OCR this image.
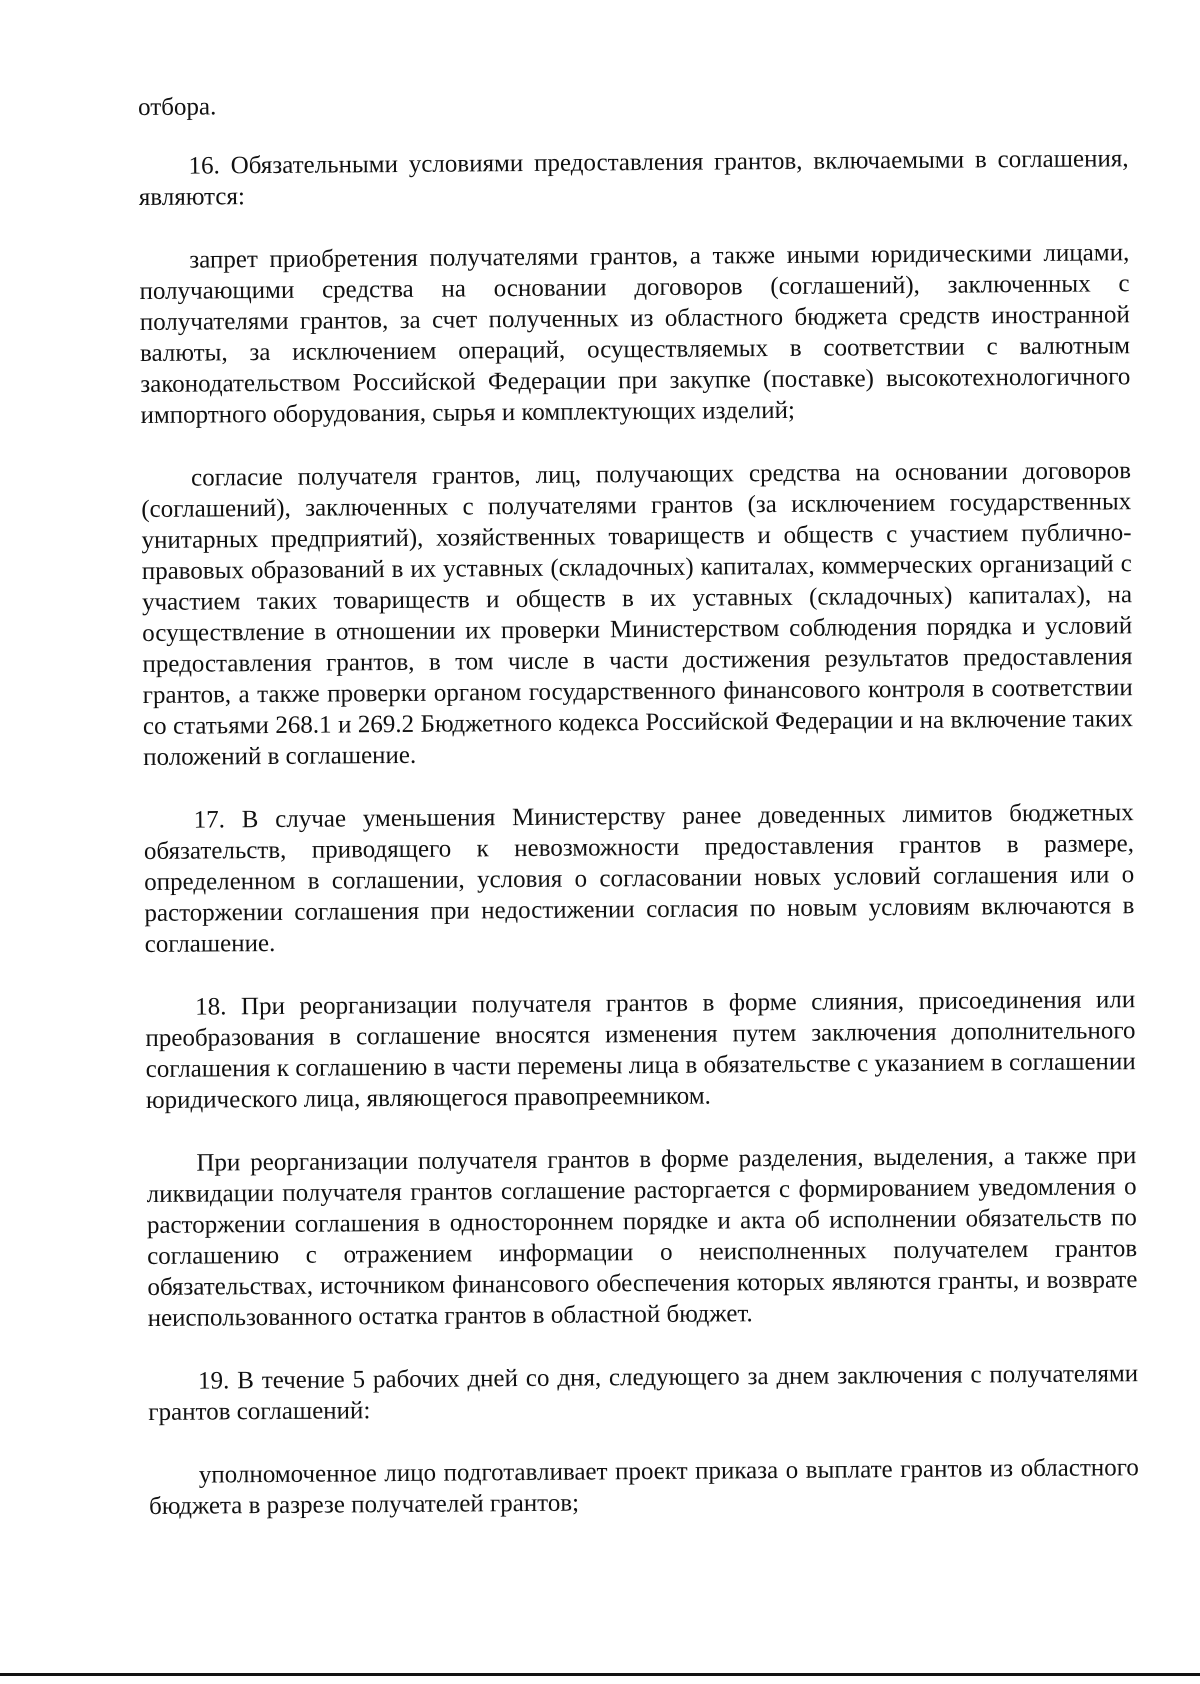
отбора.

16. Обязательными условиями предоставления грантов, включаемыми в соглашения, являются:

запрет приобретения получателями грантов, а также иными юридическими лицами, получающими средства на основании договоров (соглашений), заключенных с получателями грантов, за счет полученных из областного бюджета средств иностранной валюты, за исключением операций, осуществляемых в соответствии с валютным законодательством Российской Федерации при закупке (поставке) высокотехнологичного импортного оборудования, сырья и комплектующих изделий;

согласие получателя грантов, лиц, получающих средства на основании договоров (соглашений), заключенных с получателями грантов (за исключением государственных унитарных предприятий), хозяйственных товариществ и обществ с участием публично-правовых образований в их уставных (складочных) капиталах, коммерческих организаций с участием таких товариществ и обществ в их уставных (складочных) капиталах), на осуществление в отношении их проверки Министерством соблюдения порядка и условий предоставления грантов, в том числе в части достижения результатов предоставления грантов, а также проверки органом государственного финансового контроля в соответствии со статьями 268.1 и 269.2 Бюджетного кодекса Российской Федерации и на включение таких положений в соглашение.

17. В случае уменьшения Министерству ранее доведенных лимитов бюджетных обязательств, приводящего к невозможности предоставления грантов в размере, определенном в соглашении, условия о согласовании новых условий соглашения или о расторжении соглашения при недостижении согласия по новым условиям включаются в соглашение.

18. При реорганизации получателя грантов в форме слияния, присоединения или преобразования в соглашение вносятся изменения путем заключения дополнительного соглашения к соглашению в части перемены лица в обязательстве с указанием в соглашении юридического лица, являющегося правопреемником.

При реорганизации получателя грантов в форме разделения, выделения, а также при ликвидации получателя грантов соглашение расторгается с формированием уведомления о расторжении соглашения в одностороннем порядке и акта об исполнении обязательств по соглашению с отражением информации о неисполненных получателем грантов обязательствах, источником финансового обеспечения которых являются гранты, и возврате неиспользованного остатка грантов в областной бюджет.

19. В течение 5 рабочих дней со дня, следующего за днем заключения с получателями грантов соглашений:

уполномоченное лицо подготавливает проект приказа о выплате грантов из областного бюджета в разрезе получателей грантов;
